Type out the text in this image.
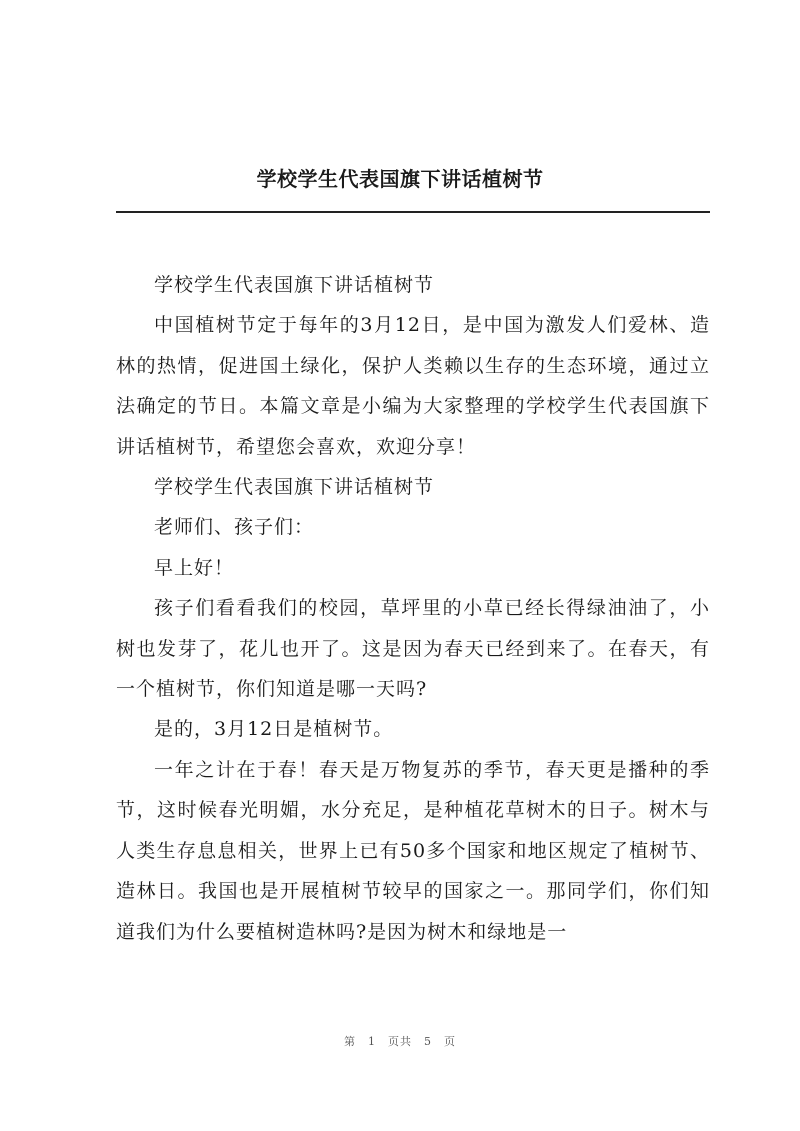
学校学生代表国旗下讲话植树节

学校学生代表国旗下讲话植树节

中国植树节定于每年的3月12日，是中国为激发人们爱林、造林的热情，促进国土绿化，保护人类赖以生存的生态环境，通过立法确定的节日。本篇文章是小编为大家整理的学校学生代表国旗下讲话植树节，希望您会喜欢，欢迎分享！

学校学生代表国旗下讲话植树节

老师们、孩子们：

早上好！

孩子们看看我们的校园，草坪里的小草已经长得绿油油了，小树也发芽了，花儿也开了。这是因为春天已经到来了。在春天，有一个植树节，你们知道是哪一天吗?

是的，3月12日是植树节。

一年之计在于春！春天是万物复苏的季节，春天更是播种的季节，这时候春光明媚，水分充足，是种植花草树木的日子。树木与人类生存息息相关，世界上已有50多个国家和地区规定了植树节、造林日。我国也是开展植树节较早的国家之一。那同学们，你们知道我们为什么要植树造林吗?是因为树木和绿地是一

第 1 页共 5 页
